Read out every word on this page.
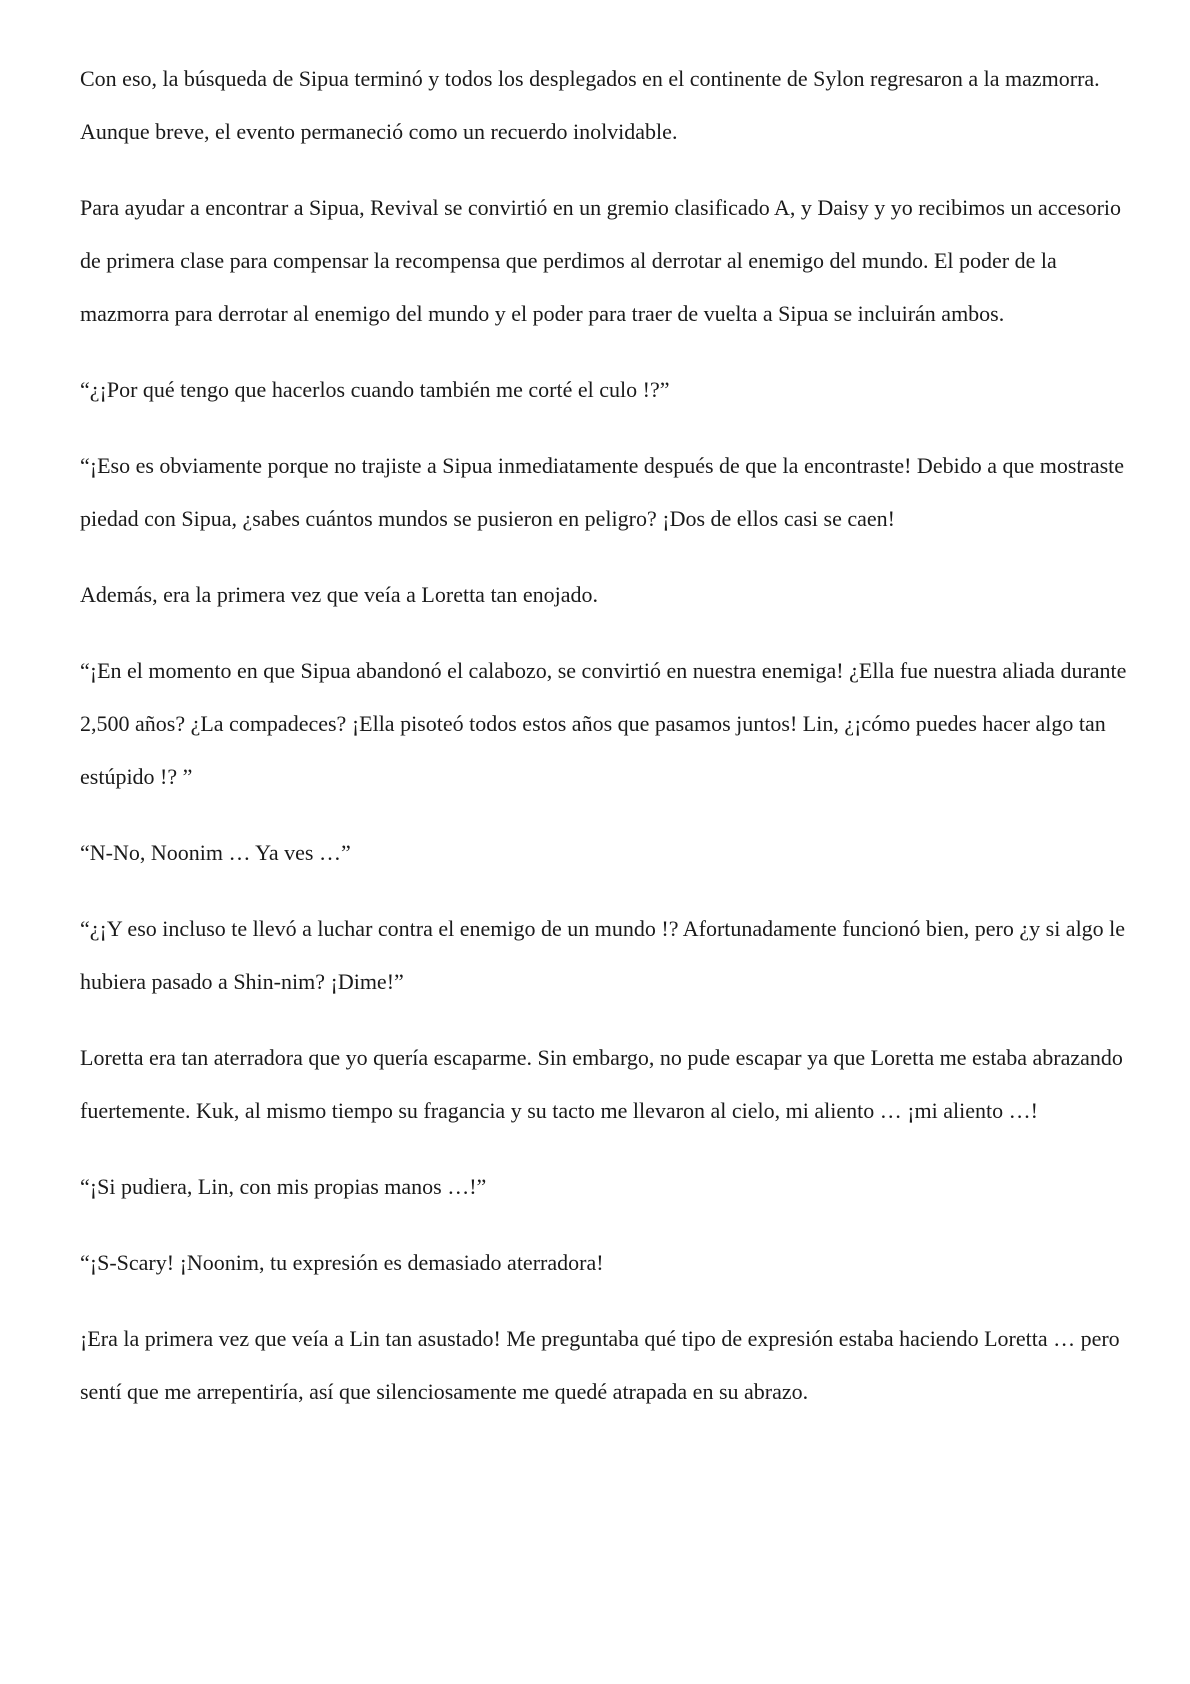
Con eso, la búsqueda de Sipua terminó y todos los desplegados en el continente de Sylon regresaron a la mazmorra. Aunque breve, el evento permaneció como un recuerdo inolvidable.

Para ayudar a encontrar a Sipua, Revival se convirtió en un gremio clasificado A, y Daisy y yo recibimos un accesorio de primera clase para compensar la recompensa que perdimos al derrotar al enemigo del mundo. El poder de la mazmorra para derrotar al enemigo del mundo y el poder para traer de vuelta a Sipua se incluirán ambos.

“¿¡Por qué tengo que hacerlos cuando también me corté el culo !?”

“¡Eso es obviamente porque no trajiste a Sipua inmediatamente después de que la encontraste! Debido a que mostraste piedad con Sipua, ¿sabes cuántos mundos se pusieron en peligro? ¡Dos de ellos casi se caen!

Además, era la primera vez que veía a Loretta tan enojado.

“¡En el momento en que Sipua abandonó el calabozo, se convirtió en nuestra enemiga! ¿Ella fue nuestra aliada durante 2,500 años? ¿La compadeces? ¡Ella pisoteó todos estos años que pasamos juntos! Lin, ¿¡cómo puedes hacer algo tan estúpido !? ”

“N-No, Noonim … Ya ves …”

“¿¡Y eso incluso te llevó a luchar contra el enemigo de un mundo !? Afortunadamente funcionó bien, pero ¿y si algo le hubiera pasado a Shin-nim? ¡Dime!”

Loretta era tan aterradora que yo quería escaparme. Sin embargo, no pude escapar ya que Loretta me estaba abrazando fuertemente. Kuk, al mismo tiempo su fragancia y su tacto me llevaron al cielo, mi aliento … ¡mi aliento …!

“¡Si pudiera, Lin, con mis propias manos …!”

“¡S-Scary! ¡Noonim, tu expresión es demasiado aterradora!

¡Era la primera vez que veía a Lin tan asustado! Me preguntaba qué tipo de expresión estaba haciendo Loretta … pero sentí que me arrepentiría, así que silenciosamente me quedé atrapada en su abrazo.
